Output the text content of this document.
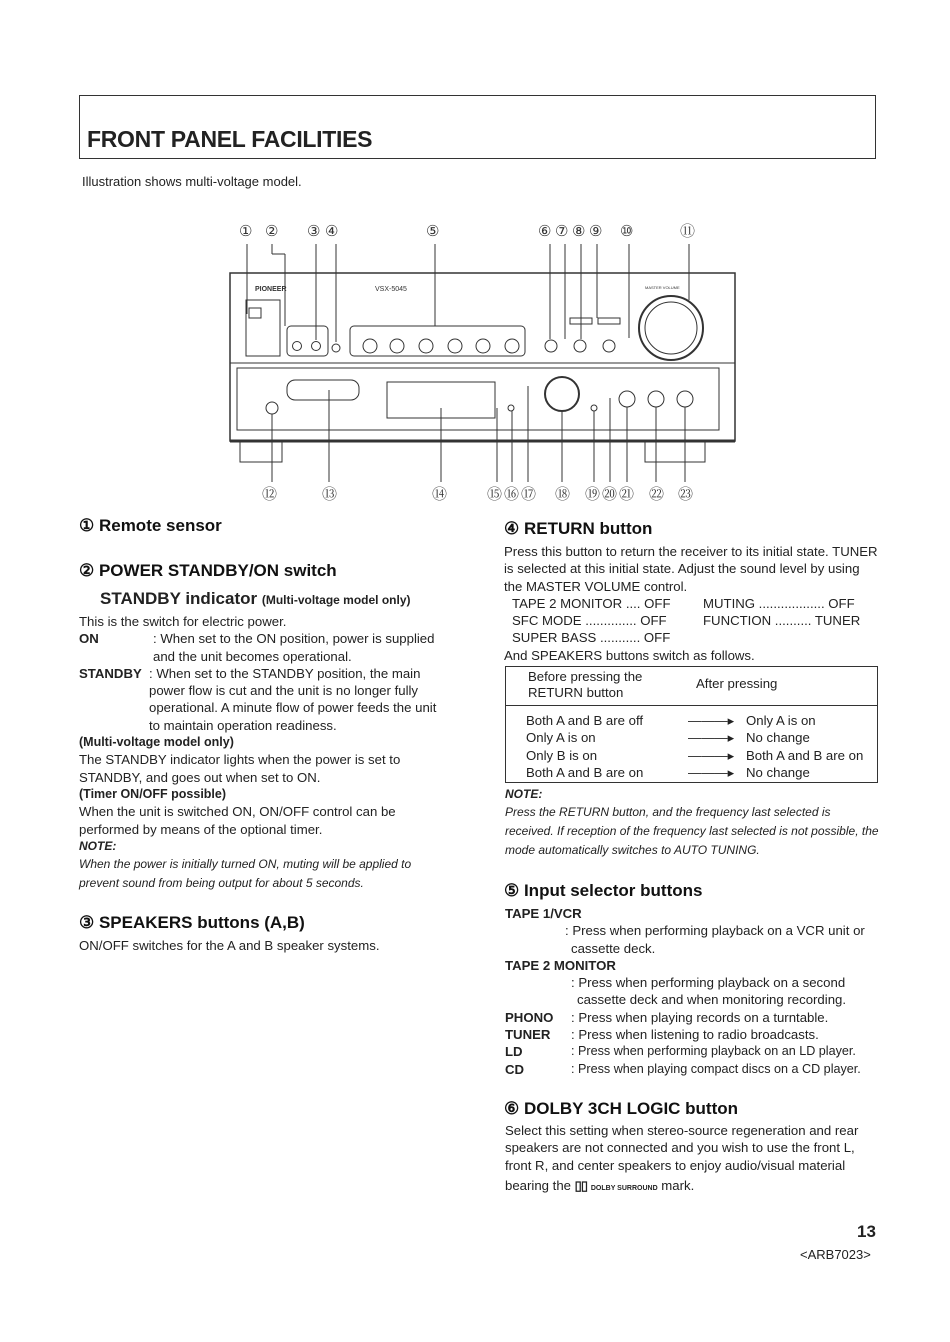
FRONT PANEL FACILITIES
Illustration shows multi-voltage model.
① ② ③ ④	⑤	⑥ ⑦ ⑧ ⑨ ⑩	⑪
PIONEER	VSX-5045	MASTER VOLUME
⑫	⑬	⑭	⑮ ⑯ ⑰ ⑱ ⑲ ⑳ ㉑ ㉒ ㉓
① Remote sensor
② POWER STANDBY/ON switch
STANDBY indicator (Multi-voltage model only)
This is the switch for electric power.
ON	: When set to the ON position, power is supplied and the unit becomes operational.
STANDBY : When set to the STANDBY position, the main power flow is cut and the unit is no longer fully operational. A minute flow of power feeds the unit to maintain operation readiness.
(Multi-voltage model only)
The STANDBY indicator lights when the power is set to STANDBY, and goes out when set to ON.
(Timer ON/OFF possible)
When the unit is switched ON, ON/OFF control can be performed by means of the optional timer.
NOTE:
When the power is initially turned ON, muting will be applied to prevent sound from being output for about 5 seconds.
③ SPEAKERS buttons (A,B)
ON/OFF switches for the A and B speaker systems.
④ RETURN button
Press this button to return the receiver to its initial state. TUNER is selected at this initial state. Adjust the sound level by using the MASTER VOLUME control.
TAPE 2 MONITOR .... OFF	MUTING .................. OFF
SFC MODE .............. OFF	FUNCTION .......... TUNER
SUPER BASS ........... OFF
And SPEAKERS buttons switch as follows.
Before pressing the RETURN button
After pressing
Both A and B are off	―――▸ Only A is on
Only A is on	―――▸ No change
Only B is on	―――▸ Both A and B are on
Both A and B are on	―――▸ No change
NOTE:
Press the RETURN button, and the frequency last selected is received. If reception of the frequency last selected is not possible, the mode automatically switches to AUTO TUNING.
⑤ Input selector buttons
TAPE 1/VCR
: Press when performing playback on a VCR unit or cassette deck.
TAPE 2 MONITOR
: Press when performing playback on a second cassette deck and when monitoring recording.
PHONO	: Press when playing records on a turntable.
TUNER	: Press when listening to radio broadcasts.
LD	: Press when performing playback on an LD player.
CD	: Press when playing compact discs on a CD player.
⑥ DOLBY 3CH LOGIC button
Select this setting when stereo-source regeneration and rear speakers are not connected and you wish to use the front L, front R, and center speakers to enjoy audio/visual material
bearing the ▯▯ DOLBY SURROUND mark.
13
<ARB7023>
